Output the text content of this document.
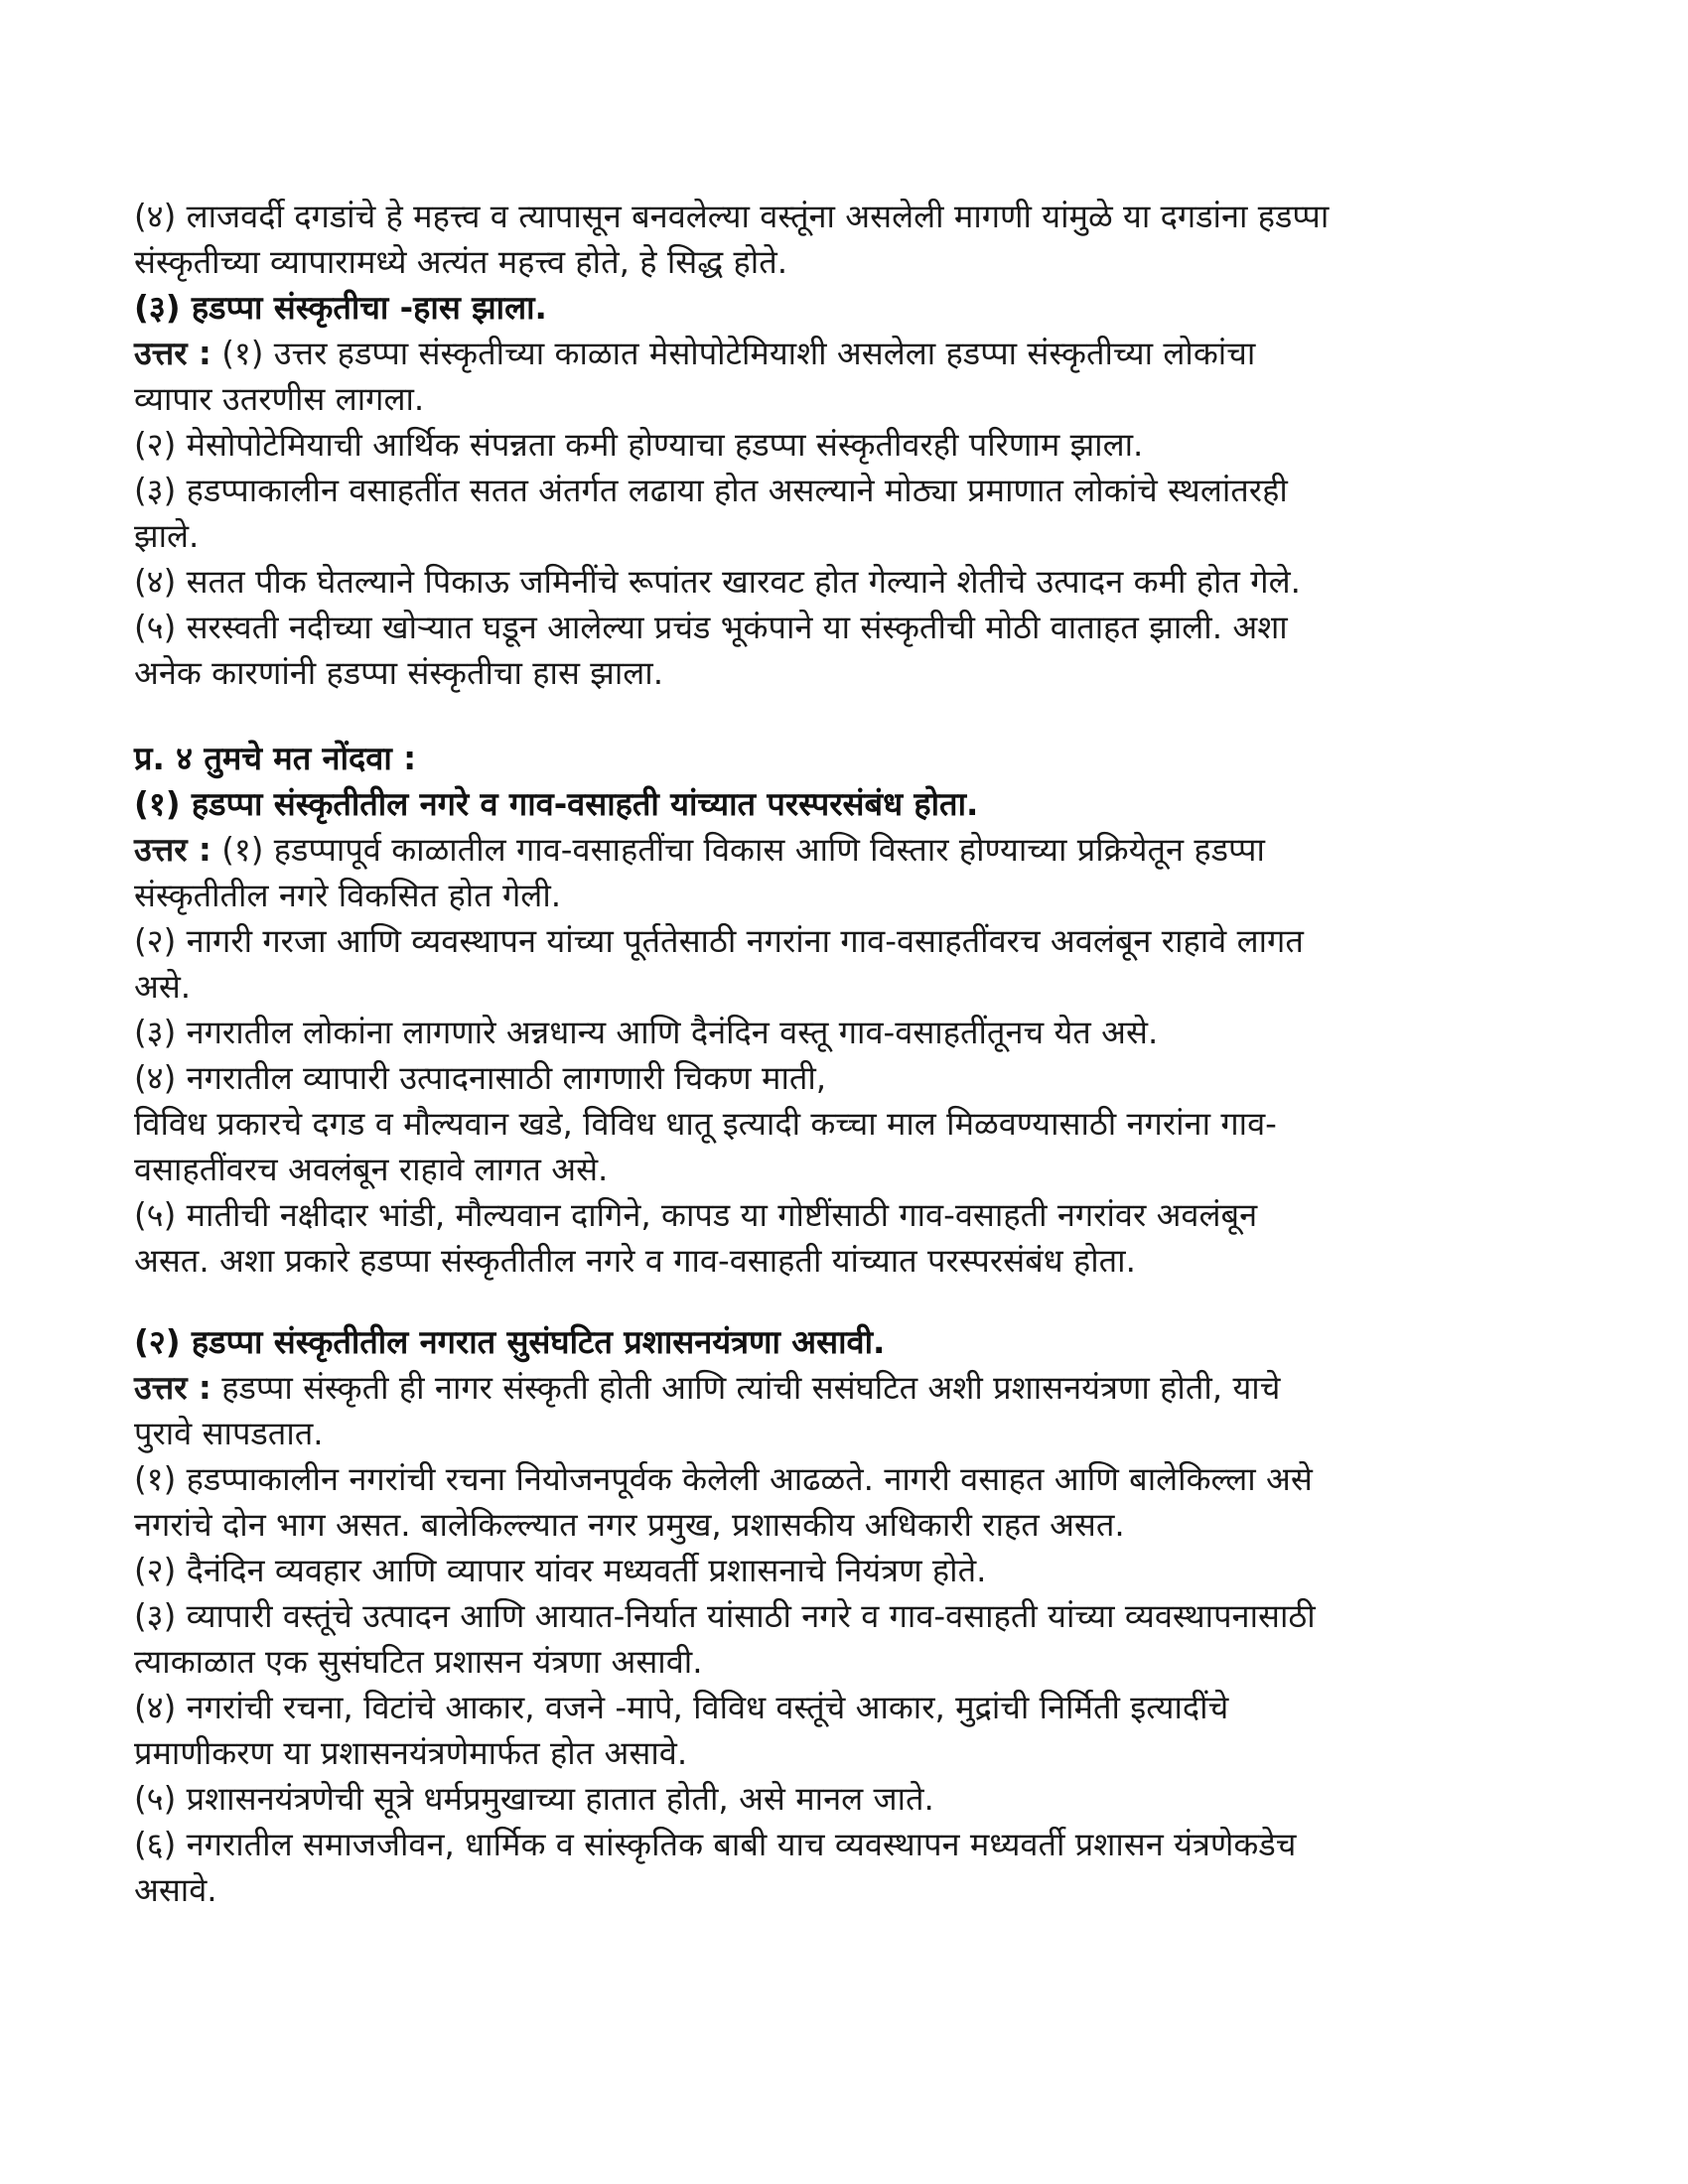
(४) लाजवर्दी दगडांचे हे महत्त्व व त्यापासून बनवलेल्या वस्तूंना असलेली मागणी यांमुळे या दगडांना हडप्पा
संस्कृतीच्या व्यापारामध्ये अत्यंत महत्त्व होते, हे सिद्ध होते.
(३) हडप्पा संस्कृतीचा -हास झाला.
उत्तर : (१) उत्तर हडप्पा संस्कृतीच्या काळात मेसोपोटेमियाशी असलेला हडप्पा संस्कृतीच्या लोकांचा
व्यापार उतरणीस लागला.
(२) मेसोपोटेमियाची आर्थिक संपन्नता कमी होण्याचा हडप्पा संस्कृतीवरही परिणाम झाला.
(३) हडप्पाकालीन वसाहतींत सतत अंतर्गत लढाया होत असल्याने मोठ्या प्रमाणात लोकांचे स्थलांतरही
झाले.
(४) सतत पीक घेतल्याने पिकाऊ जमिनींचे रूपांतर खारवट होत गेल्याने शेतीचे उत्पादन कमी होत गेले.
(५) सरस्वती नदीच्या खोऱ्यात घडून आलेल्या प्रचंड भूकंपाने या संस्कृतीची मोठी वाताहत झाली. अशा
अनेक कारणांनी हडप्पा संस्कृतीचा हास झाला.
प्र. ४ तुमचे मत नोंदवा :
(१) हडप्पा संस्कृतीतील नगरे व गाव-वसाहती यांच्यात परस्परसंबंध होता.
उत्तर : (१) हडप्पापूर्व काळातील गाव-वसाहतींचा विकास आणि विस्तार होण्याच्या प्रक्रियेतून हडप्पा
संस्कृतीतील नगरे विकसित होत गेली.
(२) नागरी गरजा आणि व्यवस्थापन यांच्या पूर्ततेसाठी नगरांना गाव-वसाहतींवरच अवलंबून राहावे लागत
असे.
(३) नगरातील लोकांना लागणारे अन्नधान्य आणि दैनंदिन वस्तू गाव-वसाहतींतूनच येत असे.
(४) नगरातील व्यापारी उत्पादनासाठी लागणारी चिकण माती,
विविध प्रकारचे दगड व मौल्यवान खडे, विविध धातू इत्यादी कच्चा माल मिळवण्यासाठी नगरांना गाव-
वसाहतींवरच अवलंबून राहावे लागत असे.
(५) मातीची नक्षीदार भांडी, मौल्यवान दागिने, कापड या गोष्टींसाठी गाव-वसाहती नगरांवर अवलंबून
असत. अशा प्रकारे हडप्पा संस्कृतीतील नगरे व गाव-वसाहती यांच्यात परस्परसंबंध होता.
(२) हडप्पा संस्कृतीतील नगरात सुसंघटित प्रशासनयंत्रणा असावी.
उत्तर : हडप्पा संस्कृती ही नागर संस्कृती होती आणि त्यांची ससंघटित अशी प्रशासनयंत्रणा होती, याचे
पुरावे सापडतात.
(१) हडप्पाकालीन नगरांची रचना नियोजनपूर्वक केलेली आढळते. नागरी वसाहत आणि बालेकिल्ला असे
नगरांचे दोन भाग असत. बालेकिल्ल्यात नगर प्रमुख, प्रशासकीय अधिकारी राहत असत.
(२) दैनंदिन व्यवहार आणि व्यापार यांवर मध्यवर्ती प्रशासनाचे नियंत्रण होते.
(३) व्यापारी वस्तूंचे उत्पादन आणि आयात-निर्यात यांसाठी नगरे व गाव-वसाहती यांच्या व्यवस्थापनासाठी
त्याकाळात एक सुसंघटित प्रशासन यंत्रणा असावी.
(४) नगरांची रचना, विटांचे आकार, वजने -मापे, विविध वस्तूंचे आकार, मुद्रांची निर्मिती इत्यादींचे
प्रमाणीकरण या प्रशासनयंत्रणेमार्फत होत असावे.
(५) प्रशासनयंत्रणेची सूत्रे धर्मप्रमुखाच्या हातात होती, असे मानल जाते.
(६) नगरातील समाजजीवन, धार्मिक व सांस्कृतिक बाबी याच व्यवस्थापन मध्यवर्ती प्रशासन यंत्रणेकडेच
असावे.
